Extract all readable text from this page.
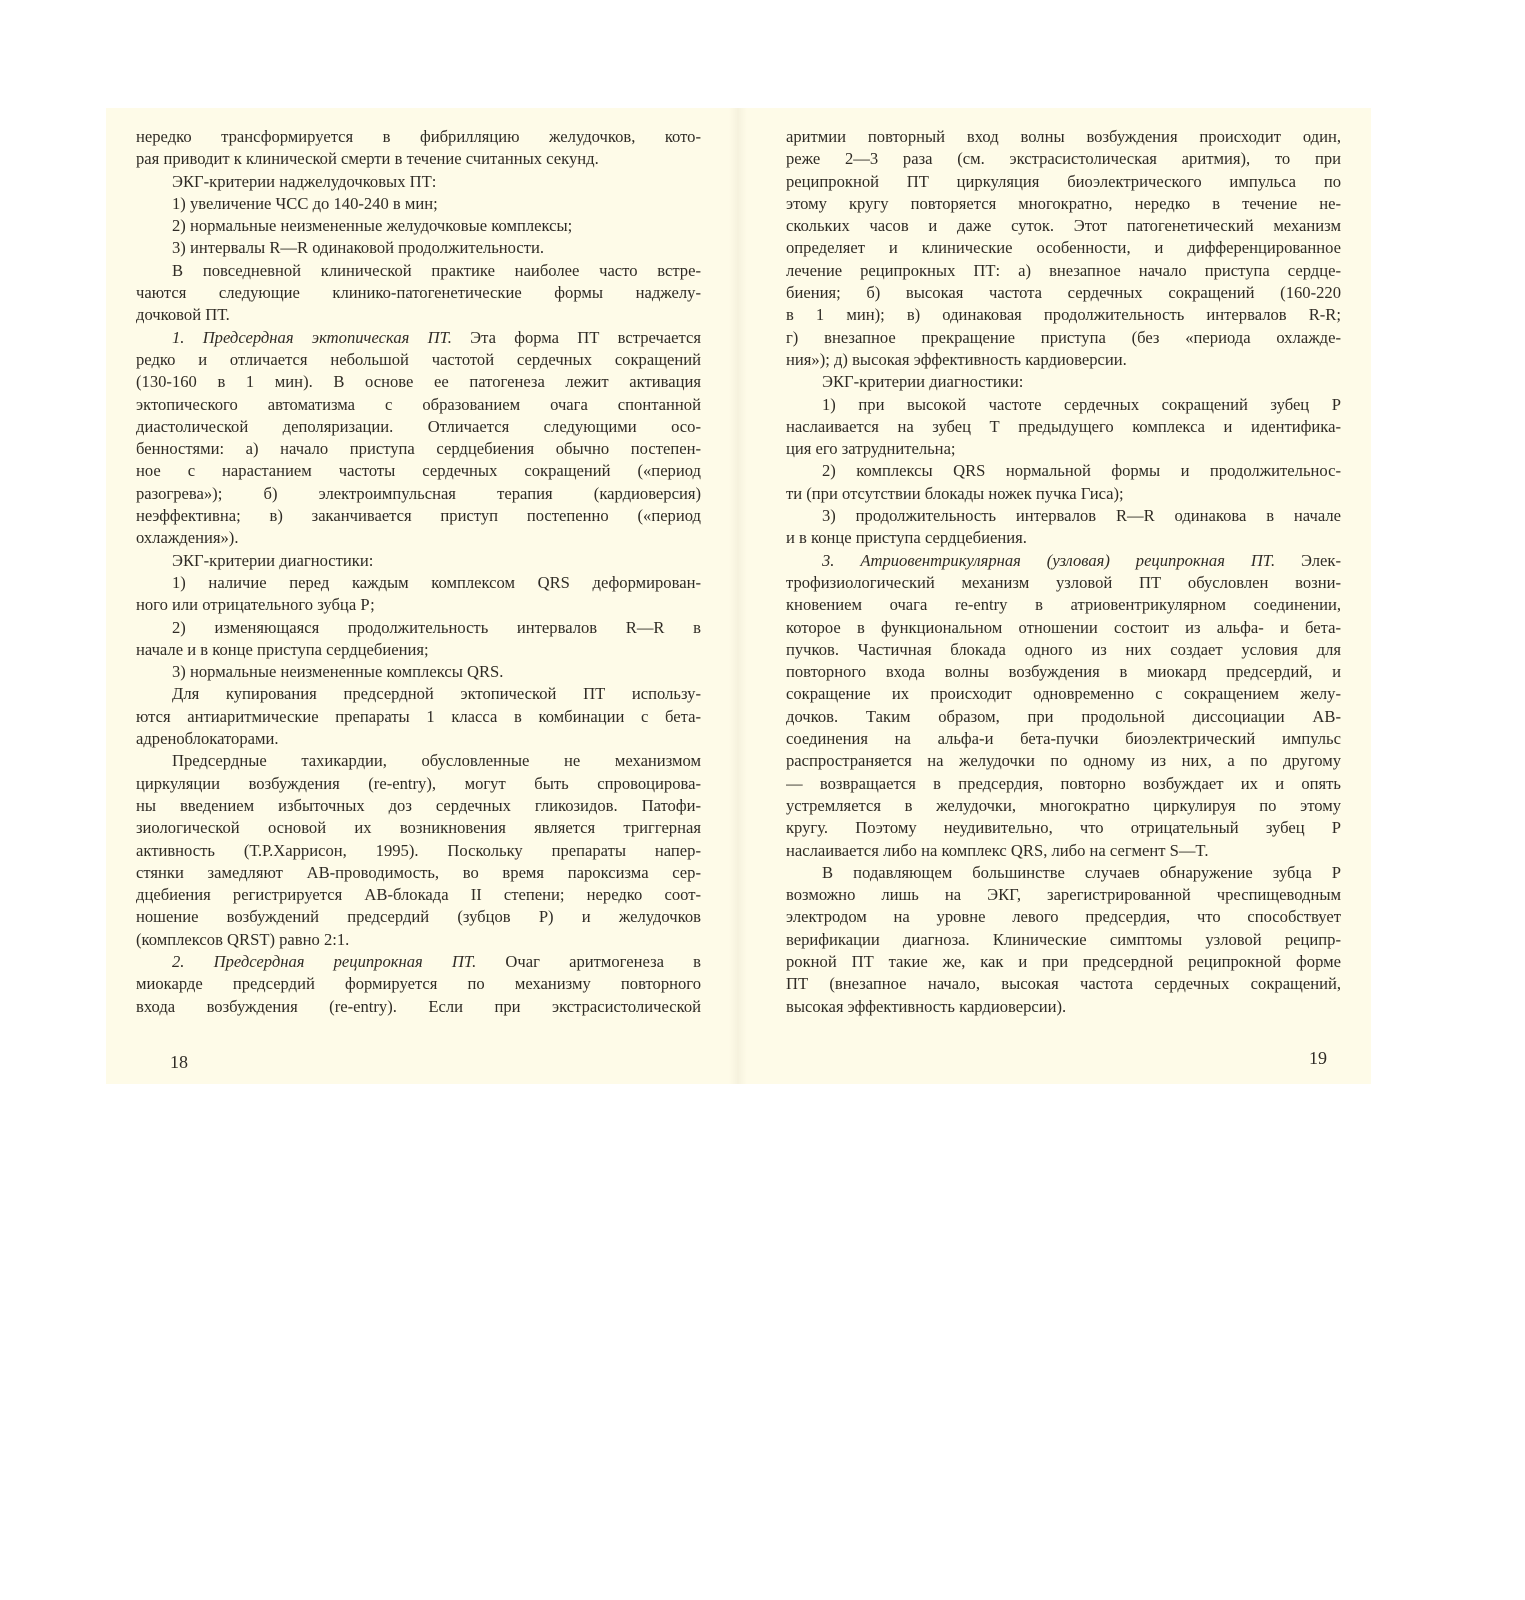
нередко трансформируется в фибрилляцию желудочков, кото-
рая приводит к клинической смерти в течение считанных секунд.
ЭКГ-критерии наджелудочковых ПТ:
1) увеличение ЧСС до 140-240 в мин;
2) нормальные неизмененные желудочковые комплексы;
3) интервалы R—R одинаковой продолжительности.
В повседневной клинической практике наиболее часто встре-
чаются следующие клинико-патогенетические формы наджелу-
дочковой ПТ.
1. Предсердная эктопическая ПТ. Эта форма ПТ встречается
редко и отличается небольшой частотой сердечных сокращений
(130-160 в 1 мин). В основе ее патогенеза лежит активация
эктопического автоматизма с образованием очага спонтанной
диастолической деполяризации. Отличается следующими осо-
бенностями: а) начало приступа сердцебиения обычно постепен-
ное с нарастанием частоты сердечных сокращений («период
разогрева»); б) электроимпульсная терапия (кардиоверсия)
неэффективна; в) заканчивается приступ постепенно («период
охлаждения»).
ЭКГ-критерии диагностики:
1) наличие перед каждым комплексом QRS деформирован-
ного или отрицательного зубца Р;
2) изменяющаяся продолжительность интервалов R—R в
начале и в конце приступа сердцебиения;
3) нормальные неизмененные комплексы QRS.
Для купирования предсердной эктопической ПТ использу-
ются антиаритмические препараты 1 класса в комбинации с бета-
адреноблокаторами.
Предсердные тахикардии, обусловленные не механизмом
циркуляции возбуждения (re-entry), могут быть спровоцирова-
ны введением избыточных доз сердечных гликозидов. Патофи-
зиологической основой их возникновения является триггерная
активность (Т.Р.Харрисон, 1995). Поскольку препараты напер-
стянки замедляют АВ-проводимость, во время пароксизма сер-
дцебиения регистрируется АВ-блокада II степени; нередко соот-
ношение возбуждений предсердий (зубцов Р) и желудочков
(комплексов QRST) равно 2:1.
2. Предсердная реципрокная ПТ. Очаг аритмогенеза в
миокарде предсердий формируется по механизму повторного
входа возбуждения (re-entry). Если при экстрасистолической
аритмии повторный вход волны возбуждения происходит один,
реже 2—3 раза (см. экстрасистолическая аритмия), то при
реципрокной ПТ циркуляция биоэлектрического импульса по
этому кругу повторяется многократно, нередко в течение не-
скольких часов и даже суток. Этот патогенетический механизм
определяет и клинические особенности, и дифференцированное
лечение реципрокных ПТ: а) внезапное начало приступа сердце-
биения; б) высокая частота сердечных сокращений (160-220
в 1 мин); в) одинаковая продолжительность интервалов R-R;
г) внезапное прекращение приступа (без «периода охлажде-
ния»); д) высокая эффективность кардиоверсии.
ЭКГ-критерии диагностики:
1) при высокой частоте сердечных сокращений зубец Р
наслаивается на зубец Т предыдущего комплекса и идентифика-
ция его затруднительна;
2) комплексы QRS нормальной формы и продолжительнос-
ти (при отсутствии блокады ножек пучка Гиса);
3) продолжительность интервалов R—R одинакова в начале
и в конце приступа сердцебиения.
3. Атриовентрикулярная (узловая) реципрокная ПТ. Элек-
трофизиологический механизм узловой ПТ обусловлен возни-
кновением очага re-entry в атриовентрикулярном соединении,
которое в функциональном отношении состоит из альфа- и бета-
пучков. Частичная блокада одного из них создает условия для
повторного входа волны возбуждения в миокард предсердий, и
сокращение их происходит одновременно с сокращением желу-
дочков. Таким образом, при продольной диссоциации АВ-
соединения на альфа-и бета-пучки биоэлектрический импульс
распространяется на желудочки по одному из них, а по другому
— возвращается в предсердия, повторно возбуждает их и опять
устремляется в желудочки, многократно циркулируя по этому
кругу. Поэтому неудивительно, что отрицательный зубец Р
наслаивается либо на комплекс QRS, либо на сегмент S—T.
В подавляющем большинстве случаев обнаружение зубца Р
возможно лишь на ЭКГ, зарегистрированной чреспищеводным
электродом на уровне левого предсердия, что способствует
верификации диагноза. Клинические симптомы узловой реципр-
рокной ПТ такие же, как и при предсердной реципрокной форме
ПТ (внезапное начало, высокая частота сердечных сокращений,
высокая эффективность кардиоверсии).
18	19
